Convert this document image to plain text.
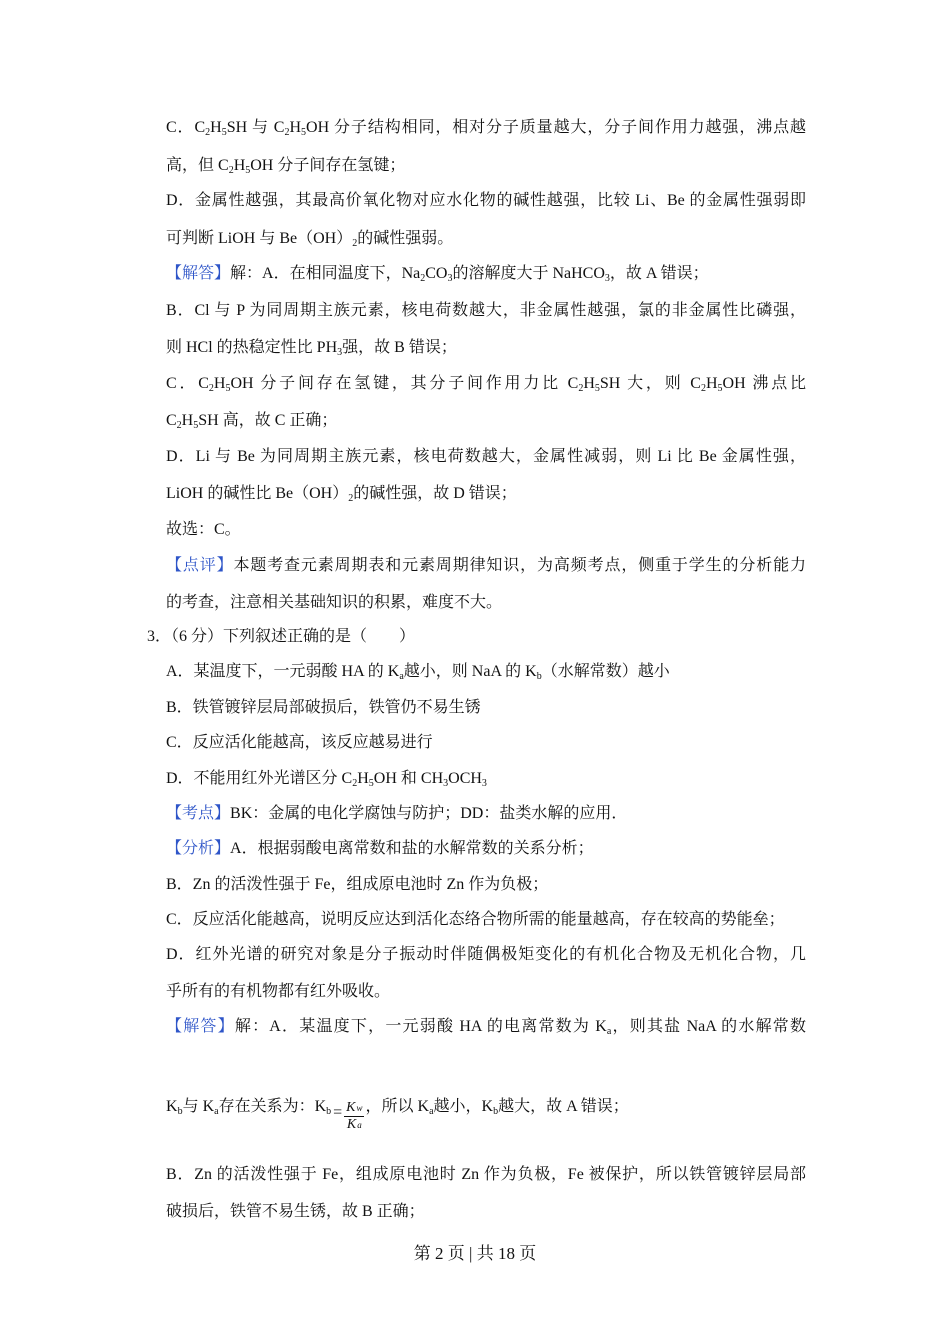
C．$C_2H_5SH$ 与 $C_2H_5OH$ 分子结构相同，相对分子质量越大，分子间作用力越强，沸点越
高，但 $C_2H_5OH$ 分子间存在氢键；
D．金属性越强，其最高价氧化物对应水化物的碱性越强，比较 Li、Be 的金属性强弱即
可判断 LiOH 与 $Be(OH)_2$的碱性强弱。
【解答】解：A．在相同温度下，$Na_2CO_3$的溶解度大于 NaHCO$_3$，故 A 错误；
B．Cl 与 P 为同周期主族元素，核电荷数越大，非金属性越强，氯的非金属性比磷强，
则 HCl 的热稳定性比 $PH_3$强，故 B 错误；
C．$C_2H_5OH$ 分子间存在氢键，其分子间作用力比 $C_2H_5SH$ 大，则 $C_2H_5OH$ 沸点比
$C_2H_5SH$ 高，故 C 正确；
D．Li 与 Be 为同周期主族元素，核电荷数越大，金属性减弱，则 Li 比 Be 金属性强，
LiOH 的碱性比 $Be(OH)_2$的碱性强，故 D 错误；
故选：C。
【点评】本题考查元素周期表和元素周期律知识，为高频考点，侧重于学生的分析能力
的考查，注意相关基础知识的积累，难度不大。
3．（6 分）下列叙述正确的是（　　）
A．某温度下，一元弱酸 HA 的 $K_a$越小，则 NaA 的 $K_b$（水解常数）越小
B．铁管镀锌层局部破损后，铁管仍不易生锈
C．反应活化能越高，该反应越易进行
D．不能用红外光谱区分 $C_2H_5OH$ 和 $CH_3OCH_3$
【考点】BK：金属的电化学腐蚀与防护；DD：盐类水解的应用．
【分析】A．根据弱酸电离常数和盐的水解常数的关系分析；
B．Zn 的活泼性强于 Fe，组成原电池时 Zn 作为负极；
C．反应活化能越高，说明反应达到活化态络合物所需的能量越高，存在较高的势能垒；
D．红外光谱的研究对象是分子振动时伴随偶极矩变化的有机化合物及无机化合物，几
乎所有的有机物都有红外吸收。
【解答】解：A．某温度下，一元弱酸 HA 的电离常数为 $K_a$，则其盐 NaA 的水解常数
$K_b$与 $K_a$存在关系为：$K_b = \frac{Kw}{Ka}$ ，所以 $K_a$越小，$K_b$越大，故 A 错误；
B．Zn 的活泼性强于 Fe，组成原电池时 Zn 作为负极，Fe 被保护，所以铁管镀锌层局部
破损后，铁管不易生锈，故 B 正确；
第 2 页 | 共 18 页
